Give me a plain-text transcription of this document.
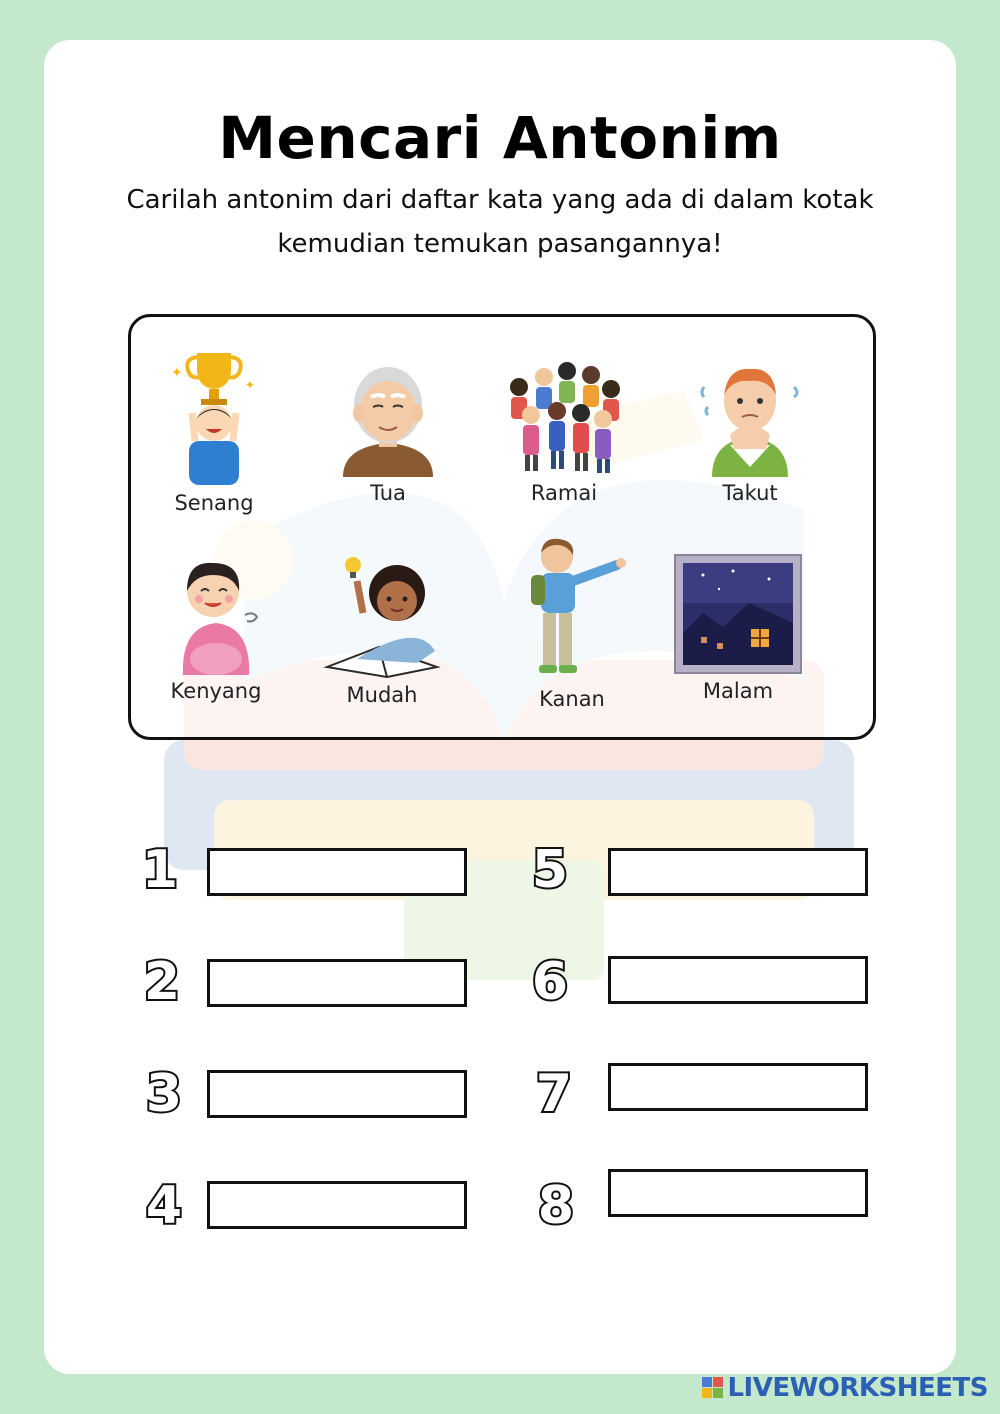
Mencari Antonim
Carilah antonim dari daftar kata yang ada di dalam kotak
kemudian temukan pasangannya!
✦
✦
Senang	Tua	Ramai	Takut
Kenyang	Mudah	Kanan	Malam
1
2
3
4
5
6
7
8
LIVEWORKSHEETS
